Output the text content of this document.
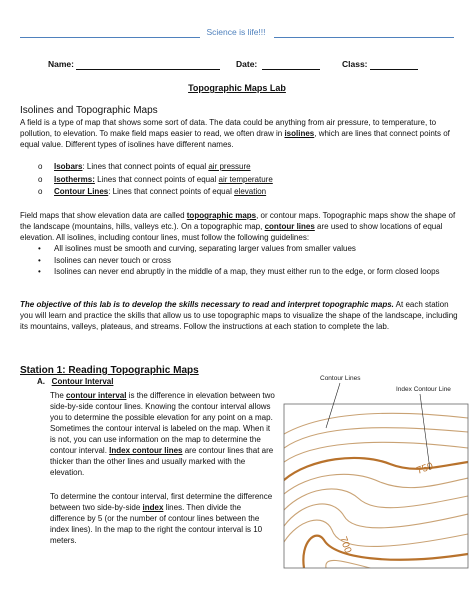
Science is life!!!
Name:	Date:	Class:
Topographic Maps Lab
Isolines and Topographic Maps
A field is a type of map that shows some sort of data. The data could be anything from air pressure, to temperature, to pollution, to elevation. To make field maps easier to read, we often draw in isolines, which are lines that connect points of equal value. Different types of isolines have different names.
o Isobars: Lines that connect points of equal air pressure
o Isotherms: Lines that connect points of equal air temperature
o Contour Lines: Lines that connect points of equal elevation
Field maps that show elevation data are called topographic maps, or contour maps. Topographic maps show the shape of the landscape (mountains, hills, valleys etc.). On a topographic map, contour lines are used to show locations of equal elevation. All isolines, including contour lines, must follow the following guidelines:
• All isolines must be smooth and curving, separating larger values from smaller values
• Isolines can never touch or cross
• Isolines can never end abruptly in the middle of a map, they must either run to the edge, or form closed loops
The objective of this lab is to develop the skills necessary to read and interpret topographic maps. At each station you will learn and practice the skills that allow us to use topographic maps to visualize the shape of the landscape, including its mountains, valleys, plateaus, and streams. Follow the instructions at each station to complete the lab.
Station 1: Reading Topographic Maps
A. Contour Interval
The contour interval is the difference in elevation between two side-by-side contour lines. Knowing the contour interval allows you to determine the possible elevation for any point on a map. Sometimes the contour interval is labeled on the map. When it is not, you can use information on the map to determine the contour interval. Index contour lines are contour lines that are thicker than the other lines and usually marked with the elevation.
To determine the contour interval, first determine the difference between two side-by-side index lines. Then divide the difference by 5 (or the number of contour lines between the index lines). In the map to the right the contour interval is 10 meters.
750
700
Contour Lines
Index Contour Line
